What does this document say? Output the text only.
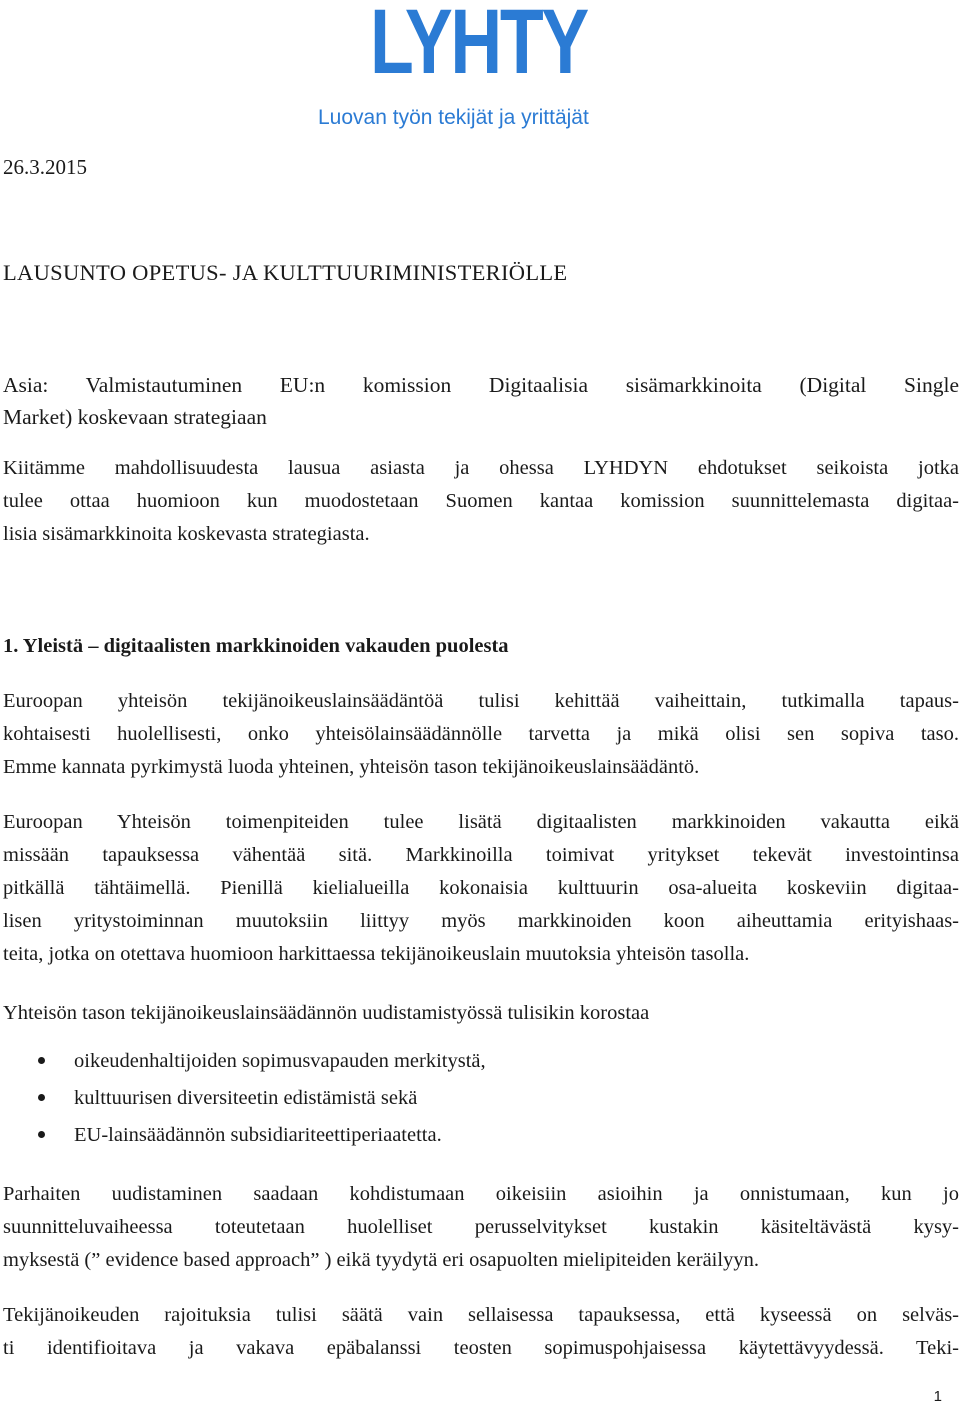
LYHTY
Luovan työn tekijät ja yrittäjät
26.3.2015
LAUSUNTO OPETUS- JA KULTTUURIMINISTERIÖLLE
Asia: Valmistautuminen EU:n komission Digitaalisia sisämarkkinoita (Digital Single
Market) koskevaan strategiaan
Kiitämme mahdollisuudesta lausua asiasta ja ohessa LYHDYN ehdotukset seikoista jotka
tulee ottaa huomioon kun muodostetaan Suomen kantaa komission suunnittelemasta digitaa-
lisia sisämarkkinoita koskevasta strategiasta.
1. Yleistä – digitaalisten markkinoiden vakauden puolesta
Euroopan yhteisön tekijänoikeuslainsäädäntöä tulisi kehittää vaiheittain, tutkimalla tapaus-
kohtaisesti huolellisesti, onko yhteisölainsäädännölle tarvetta ja mikä olisi sen sopiva taso.
Emme kannata pyrkimystä luoda yhteinen, yhteisön tason tekijänoikeuslainsäädäntö.
Euroopan Yhteisön toimenpiteiden tulee lisätä digitaalisten markkinoiden vakautta eikä
missään tapauksessa vähentää sitä. Markkinoilla toimivat yritykset tekevät investointinsa
pitkällä tähtäimellä. Pienillä kielialueilla kokonaisia kulttuurin osa-alueita koskeviin digitaa-
lisen yritystoiminnan muutoksiin liittyy myös markkinoiden koon aiheuttamia erityishaas-
teita, jotka on otettava huomioon harkittaessa tekijänoikeuslain muutoksia yhteisön tasolla.
Yhteisön tason tekijänoikeuslainsäädännön uudistamistyössä tulisikin korostaa
oikeudenhaltijoiden sopimusvapauden merkitystä,
kulttuurisen diversiteetin edistämistä sekä
EU-lainsäädännön subsidiariteettiperiaatetta.
Parhaiten uudistaminen saadaan kohdistumaan oikeisiin asioihin ja onnistumaan, kun jo
suunnitteluvaiheessa toteutetaan huolelliset perusselvitykset kustakin käsiteltävästä kysy-
myksestä (” evidence based approach” ) eikä tyydytä eri osapuolten mielipiteiden keräilyyn.
Tekijänoikeuden rajoituksia tulisi säätä vain sellaisessa tapauksessa, että kyseessä on selväs-
ti identifioitava ja vakava epäbalanssi teosten sopimuspohjaisessa käytettävyydessä. Teki-
1
